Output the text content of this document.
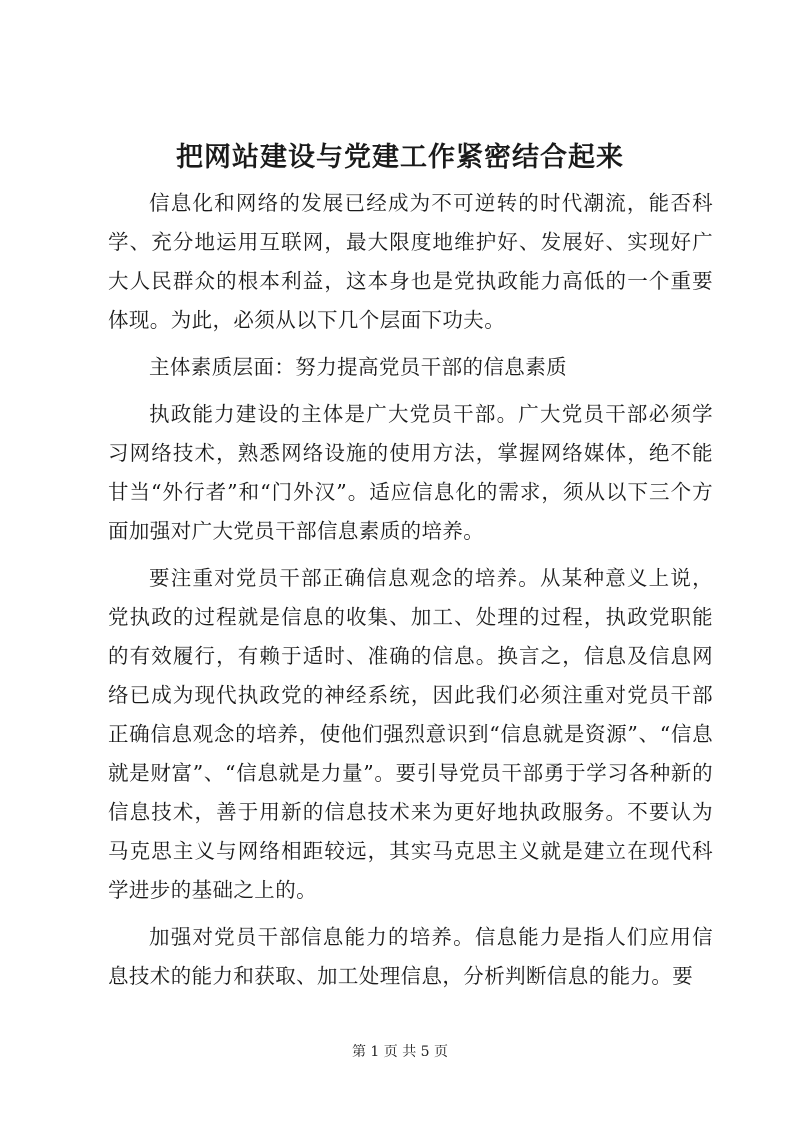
把网站建设与党建工作紧密结合起来

信息化和网络的发展已经成为不可逆转的时代潮流，能否科学、充分地运用互联网，最大限度地维护好、发展好、实现好广大人民群众的根本利益，这本身也是党执政能力高低的一个重要体现。为此，必须从以下几个层面下功夫。

主体素质层面：努力提高党员干部的信息素质

执政能力建设的主体是广大党员干部。广大党员干部必须学习网络技术，熟悉网络设施的使用方法，掌握网络媒体，绝不能甘当“外行者”和“门外汉”。适应信息化的需求，须从以下三个方面加强对广大党员干部信息素质的培养。

要注重对党员干部正确信息观念的培养。从某种意义上说，党执政的过程就是信息的收集、加工、处理的过程，执政党职能的有效履行，有赖于适时、准确的信息。换言之，信息及信息网络已成为现代执政党的神经系统，因此我们必须注重对党员干部正确信息观念的培养，使他们强烈意识到“信息就是资源”、“信息就是财富”、“信息就是力量”。要引导党员干部勇于学习各种新的信息技术，善于用新的信息技术来为更好地执政服务。不要认为马克思主义与网络相距较远，其实马克思主义就是建立在现代科学进步的基础之上的。

加强对党员干部信息能力的培养。信息能力是指人们应用信息技术的能力和获取、加工处理信息，分析判断信息的能力。要

第 1 页 共 5 页
